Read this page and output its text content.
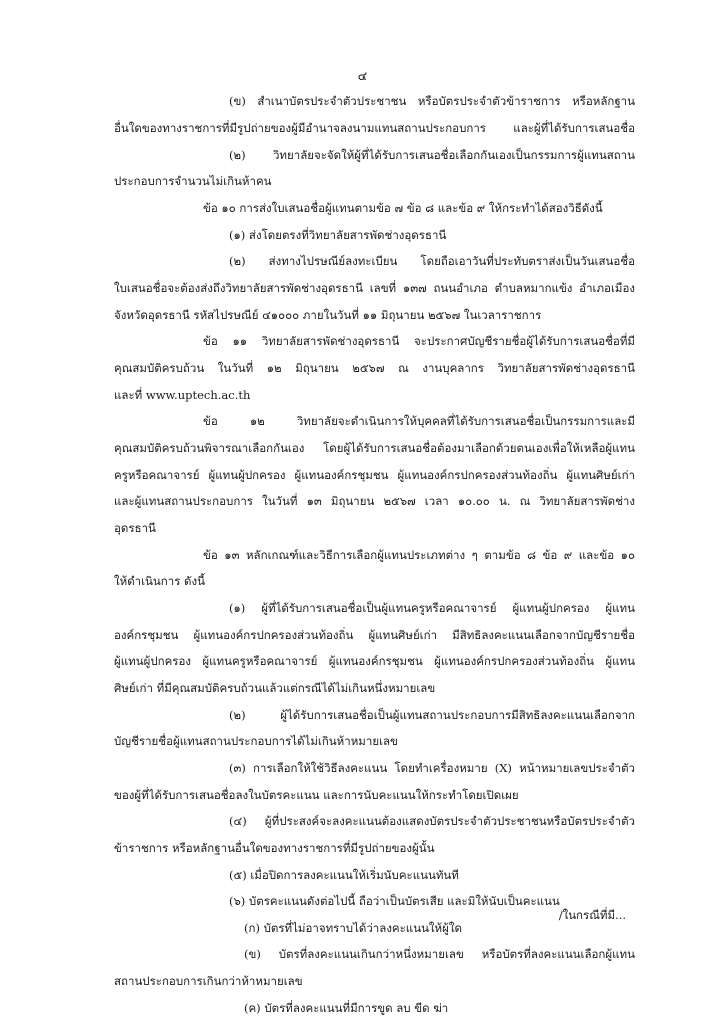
๔
(ข) สำเนาบัตรประจำตัวประชาชน หรือบัตรประจำตัวข้าราชการ หรือหลักฐาน
อื่นใดของทางราชการที่มีรูปถ่ายของผู้มีอำนาจลงนามแทนสถานประกอบการ และผู้ที่ได้รับการเสนอชื่อ
(๒) วิทยาลัยจะจัดให้ผู้ที่ได้รับการเสนอชื่อเลือกกันเองเป็นกรรมการผู้แทนสถาน
ประกอบการจำนวนไม่เกินห้าคน
ข้อ ๑๐ การส่งใบเสนอชื่อผู้แทนตามข้อ ๗ ข้อ ๘ และข้อ ๙ ให้กระทำได้สองวิธีดังนี้
(๑) ส่งโดยตรงที่วิทยาลัยสารพัดช่างอุดรธานี
(๒) ส่งทางไปรษณีย์ลงทะเบียน โดยถือเอาวันที่ประทับตราส่งเป็นวันเสนอชื่อ
ใบเสนอชื่อจะต้องส่งถึงวิทยาลัยสารพัดช่างอุดรธานี เลขที่ ๑๓๗ ถนนอำเภอ ตำบลหมากแข้ง อำเภอเมือง
จังหวัดอุดรธานี รหัสไปรษณีย์ ๔๑๐๐๐ ภายในวันที่ ๑๑ มิถุนายน ๒๕๖๗ ในเวลาราชการ
ข้อ ๑๑ วิทยาลัยสารพัดช่างอุดรธานี จะประกาศบัญชีรายชื่อผู้ได้รับการเสนอชื่อที่มี
คุณสมบัติครบถ้วน ในวันที่ ๑๒ มิถุนายน ๒๕๖๗ ณ งานบุคลากร วิทยาลัยสารพัดช่างอุดรธานี
และที่ www.uptech.ac.th
ข้อ ๑๒ วิทยาลัยจะดำเนินการให้บุคคลที่ได้รับการเสนอชื่อเป็นกรรมการและมี
คุณสมบัติครบถ้วนพิจารณาเลือกกันเอง โดยผู้ได้รับการเสนอชื่อต้องมาเลือกด้วยตนเองเพื่อให้เหลือผู้แทน
ครูหรือคณาจารย์ ผู้แทนผู้ปกครอง ผู้แทนองค์กรชุมชน ผู้แทนองค์กรปกครองส่วนท้องถิ่น ผู้แทนศิษย์เก่า
และผู้แทนสถานประกอบการ ในวันที่ ๑๓ มิถุนายน ๒๕๖๗ เวลา ๑๐.๐๐ น. ณ วิทยาลัยสารพัดช่าง
อุดรธานี
ข้อ ๑๓ หลักเกณฑ์และวิธีการเลือกผู้แทนประเภทต่าง ๆ ตามข้อ ๘ ข้อ ๙ และข้อ ๑๐
ให้ดำเนินการ ดังนี้
(๑) ผู้ที่ได้รับการเสนอชื่อเป็นผู้แทนครูหรือคณาจารย์ ผู้แทนผู้ปกครอง ผู้แทน
องค์กรชุมชน ผู้แทนองค์กรปกครองส่วนท้องถิ่น ผู้แทนศิษย์เก่า มีสิทธิลงคะแนนเลือกจากบัญชีรายชื่อ
ผู้แทนผู้ปกครอง ผู้แทนครูหรือคณาจารย์ ผู้แทนองค์กรชุมชน ผู้แทนองค์กรปกครองส่วนท้องถิ่น ผู้แทน
ศิษย์เก่า ที่มีคุณสมบัติครบถ้วนแล้วแต่กรณีได้ไม่เกินหนึ่งหมายเลข
(๒) ผู้ได้รับการเสนอชื่อเป็นผู้แทนสถานประกอบการมีสิทธิลงคะแนนเลือกจาก
บัญชีรายชื่อผู้แทนสถานประกอบการได้ไม่เกินห้าหมายเลข
(๓) การเลือกให้ใช้วิธีลงคะแนน โดยทำเครื่องหมาย (X) หน้าหมายเลขประจำตัว
ของผู้ที่ได้รับการเสนอชื่อลงในบัตรคะแนน และการนับคะแนนให้กระทำโดยเปิดเผย
(๔) ผู้ที่ประสงค์จะลงคะแนนต้องแสดงบัตรประจำตัวประชาชนหรือบัตรประจำตัว
ข้าราชการ หรือหลักฐานอื่นใดของทางราชการที่มีรูปถ่ายของผู้นั้น
(๕) เมื่อปิดการลงคะแนนให้เริ่มนับคะแนนทันที
(๖) บัตรคะแนนดังต่อไปนี้ ถือว่าเป็นบัตรเสีย และมิให้นับเป็นคะแนน
(ก) บัตรที่ไม่อาจทราบได้ว่าลงคะแนนให้ผู้ใด
(ข) บัตรที่ลงคะแนนเกินกว่าหนึ่งหมายเลข หรือบัตรที่ลงคะแนนเลือกผู้แทน
สถานประกอบการเกินกว่าห้าหมายเลข
(ค) บัตรที่ลงคะแนนที่มีการขูด ลบ ขีด ฆ่า
/ในกรณีที่มี...
